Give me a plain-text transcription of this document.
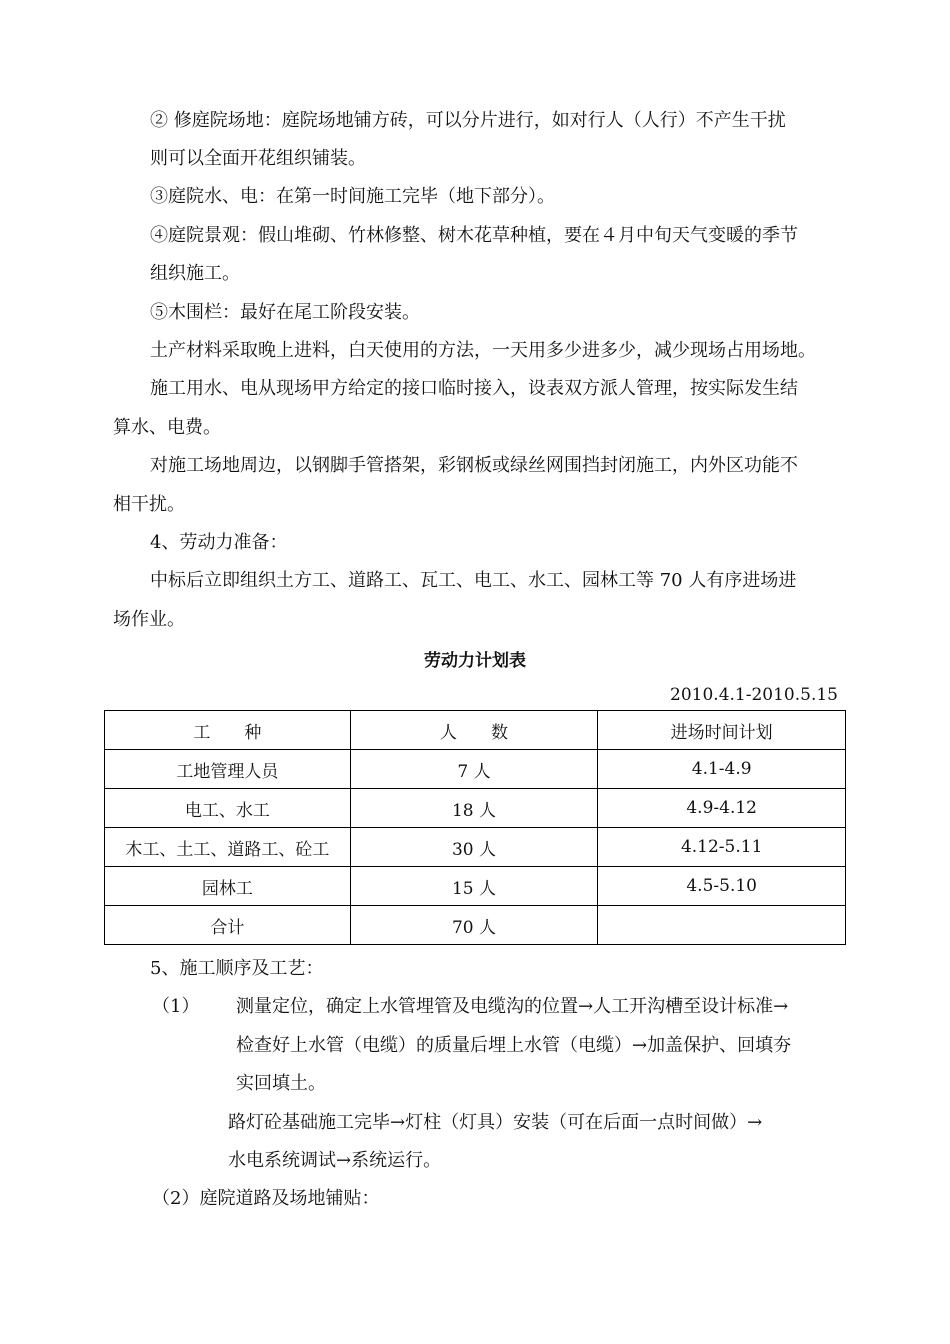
② 修庭院场地：庭院场地铺方砖，可以分片进行，如对行人（人行）不产生干扰
则可以全面开花组织铺装。
③庭院水、电：在第一时间施工完毕（地下部分）。
④庭院景观：假山堆砌、竹林修整、树木花草种植，要在４月中旬天气变暖的季节
组织施工。
⑤木围栏：最好在尾工阶段安装。
土产材料采取晚上进料，白天使用的方法，一天用多少进多少，减少现场占用场地。
施工用水、电从现场甲方给定的接口临时接入，设表双方派人管理，按实际发生结
算水、电费。
对施工场地周边，以钢脚手管搭架，彩钢板或绿丝网围挡封闭施工，内外区功能不
相干扰。
4、劳动力准备：
中标后立即组织土方工、道路工、瓦工、电工、水工、园林工等 70 人有序进场进
场作业。
劳动力计划表
2010.4.1-2010.5.15
工　　种	人　　数	进场时间计划
工地管理人员	7 人	4.1-4.9
电工、水工	18 人	4.9-4.12
木工、土工、道路工、砼工	30 人	4.12-5.11
园林工	15 人	4.5-5.10
合计	70 人	
5、施工顺序及工艺：
（1） 测量定位，确定上水管埋管及电缆沟的位置→人工开沟槽至设计标准→
检查好上水管（电缆）的质量后埋上水管（电缆）→加盖保护、回填夯
实回填土。
路灯砼基础施工完毕→灯柱（灯具）安装（可在后面一点时间做）→
水电系统调试→系统运行。
（2）庭院道路及场地铺贴：
